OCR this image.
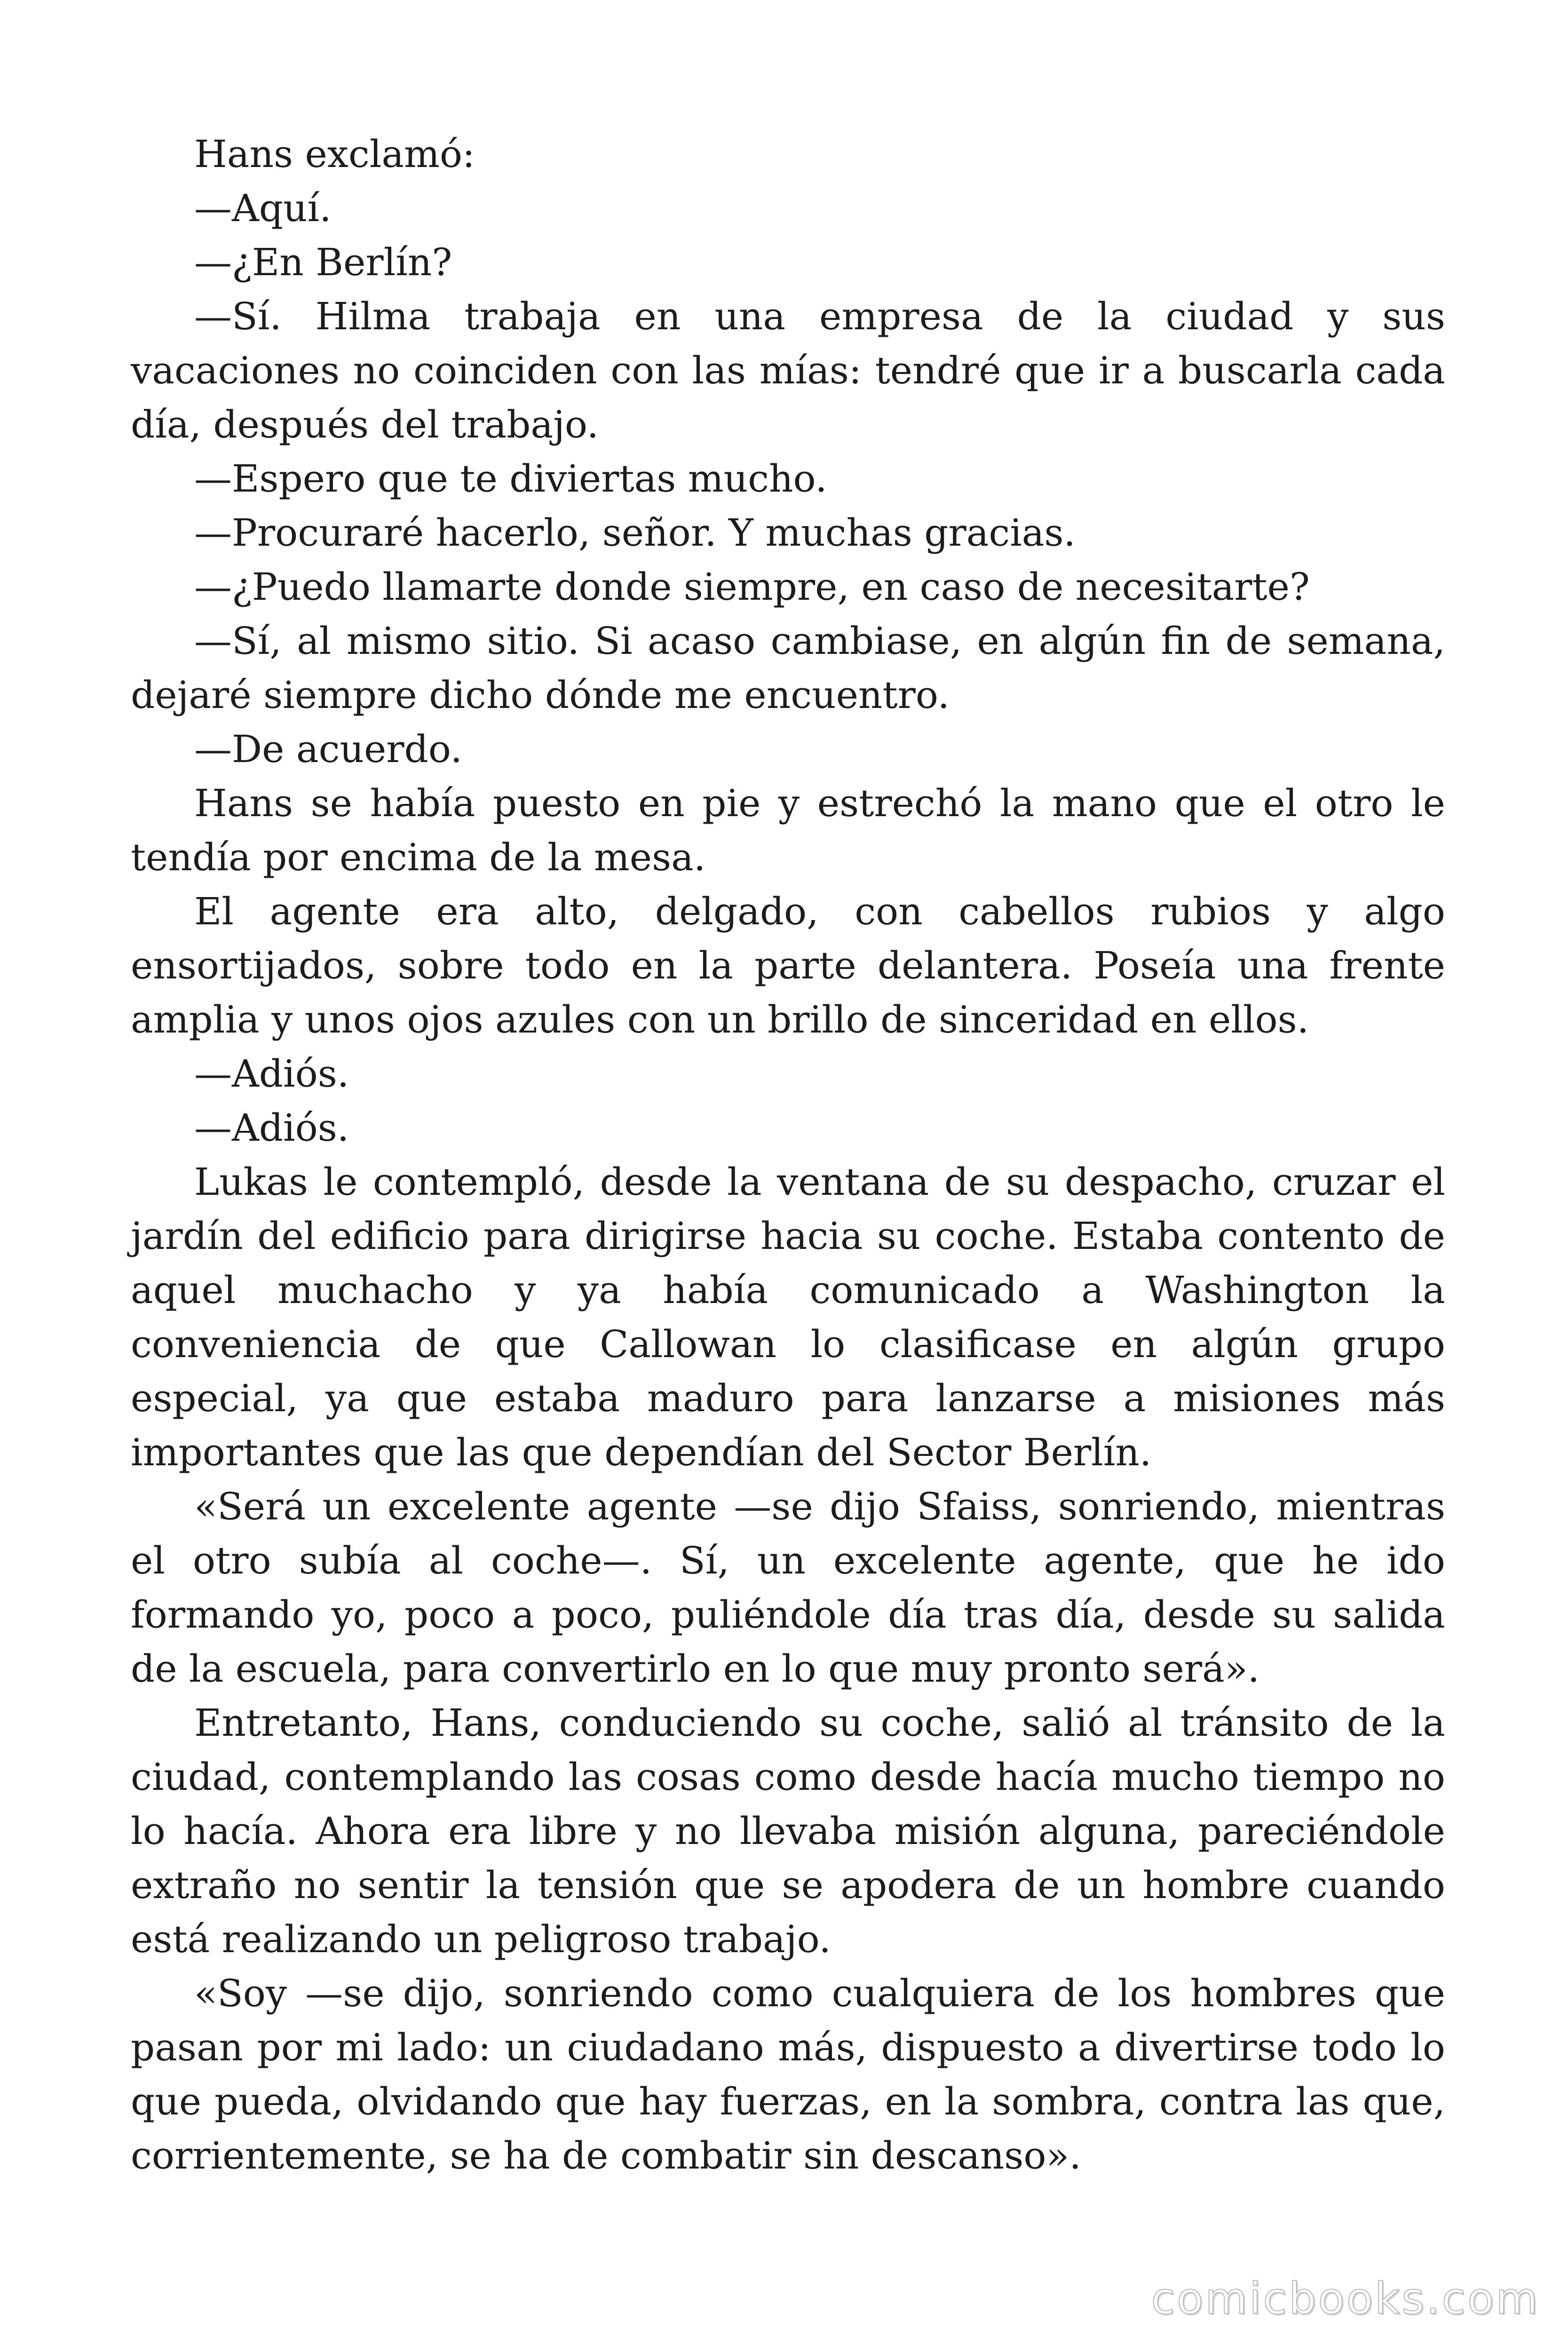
Hans exclamó:

—Aquí.

—¿En Berlín?

—Sí. Hilma trabaja en una empresa de la ciudad y sus vacaciones no coinciden con las mías: tendré que ir a buscarla cada día, después del trabajo.

—Espero que te diviertas mucho.

—Procuraré hacerlo, señor. Y muchas gracias.

—¿Puedo llamarte donde siempre, en caso de necesitarte?

—Sí, al mismo sitio. Si acaso cambiase, en algún fin de semana, dejaré siempre dicho dónde me encuentro.

—De acuerdo.

Hans se había puesto en pie y estrechó la mano que el otro le tendía por encima de la mesa.

El agente era alto, delgado, con cabellos rubios y algo ensortijados, sobre todo en la parte delantera. Poseía una frente amplia y unos ojos azules con un brillo de sinceridad en ellos.

—Adiós.

—Adiós.

Lukas le contempló, desde la ventana de su despacho, cruzar el jardín del edificio para dirigirse hacia su coche. Estaba contento de aquel muchacho y ya había comunicado a Washington la conveniencia de que Callowan lo clasificase en algún grupo especial, ya que estaba maduro para lanzarse a misiones más importantes que las que dependían del Sector Berlín.

«Será un excelente agente —se dijo Sfaiss, sonriendo, mientras el otro subía al coche—. Sí, un excelente agente, que he ido formando yo, poco a poco, puliéndole día tras día, desde su salida de la escuela, para convertirlo en lo que muy pronto será».

Entretanto, Hans, conduciendo su coche, salió al tránsito de la ciudad, contemplando las cosas como desde hacía mucho tiempo no lo hacía. Ahora era libre y no llevaba misión alguna, pareciéndole extraño no sentir la tensión que se apodera de un hombre cuando está realizando un peligroso trabajo.

«Soy —se dijo, sonriendo como cualquiera de los hombres que pasan por mi lado: un ciudadano más, dispuesto a divertirse todo lo que pueda, olvidando que hay fuerzas, en la sombra, contra las que, corrientemente, se ha de combatir sin descanso».

comicbooks.com
